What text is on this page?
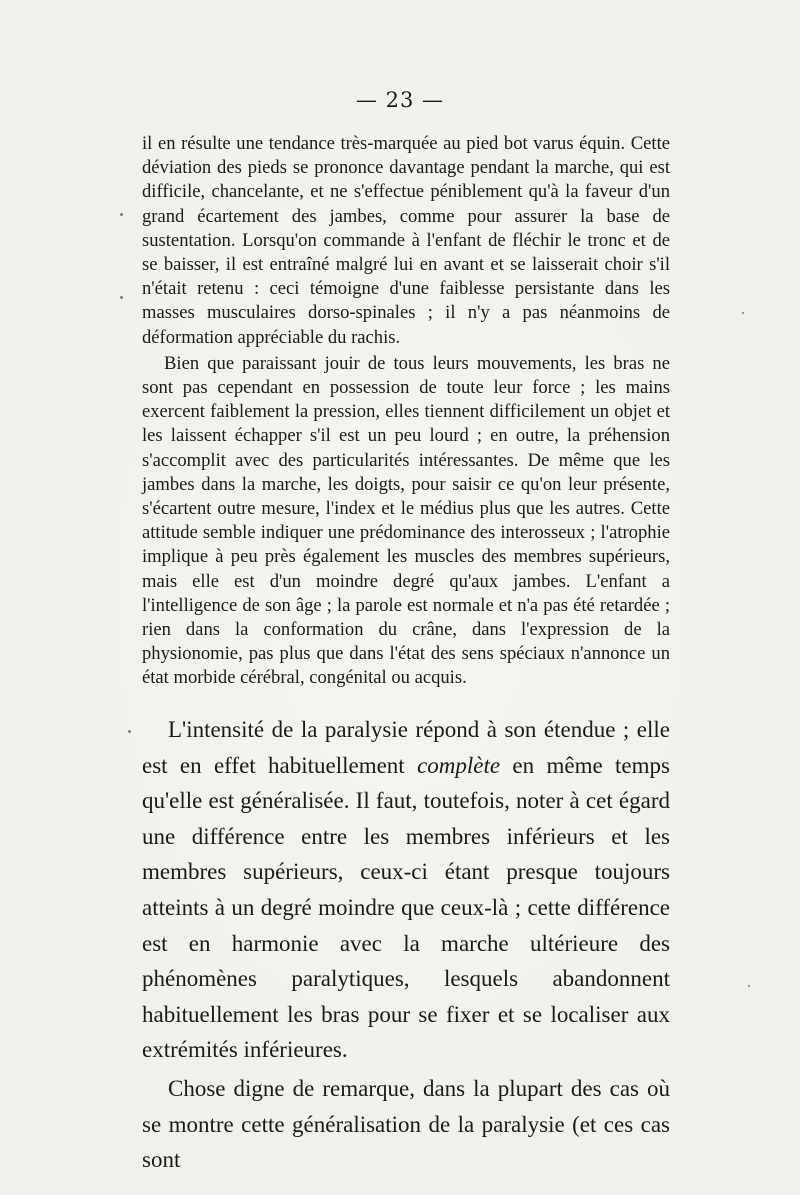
— 23 —

il en résulte une tendance très-marquée au pied bot varus équin. Cette déviation des pieds se prononce davantage pendant la marche, qui est difficile, chancelante, et ne s'effectue péniblement qu'à la faveur d'un grand écartement des jambes, comme pour assurer la base de sustentation. Lorsqu'on commande à l'enfant de fléchir le tronc et de se baisser, il est entraîné malgré lui en avant et se laisserait choir s'il n'était retenu : ceci témoigne d'une faiblesse persistante dans les masses musculaires dorso-spinales ; il n'y a pas néanmoins de déformation appréciable du rachis.

Bien que paraissant jouir de tous leurs mouvements, les bras ne sont pas cependant en possession de toute leur force ; les mains exercent faiblement la pression, elles tiennent difficilement un objet et les laissent échapper s'il est un peu lourd ; en outre, la préhension s'accomplit avec des particularités intéressantes. De même que les jambes dans la marche, les doigts, pour saisir ce qu'on leur présente, s'écartent outre mesure, l'index et le médius plus que les autres. Cette attitude semble indiquer une prédominance des interosseux ; l'atrophie implique à peu près également les muscles des membres supérieurs, mais elle est d'un moindre degré qu'aux jambes. L'enfant a l'intelligence de son âge ; la parole est normale et n'a pas été retardée ; rien dans la conformation du crâne, dans l'expression de la physionomie, pas plus que dans l'état des sens spéciaux n'annonce un état morbide cérébral, congénital ou acquis.

L'intensité de la paralysie répond à son étendue ; elle est en effet habituellement complète en même temps qu'elle est généralisée. Il faut, toutefois, noter à cet égard une différence entre les membres inférieurs et les membres supérieurs, ceux-ci étant presque toujours atteints à un degré moindre que ceux-là ; cette différence est en harmonie avec la marche ultérieure des phénomènes paralytiques, lesquels abandonnent habituellement les bras pour se fixer et se localiser aux extrémités inférieures.

Chose digne de remarque, dans la plupart des cas où se montre cette généralisation de la paralysie (et ces cas sont
